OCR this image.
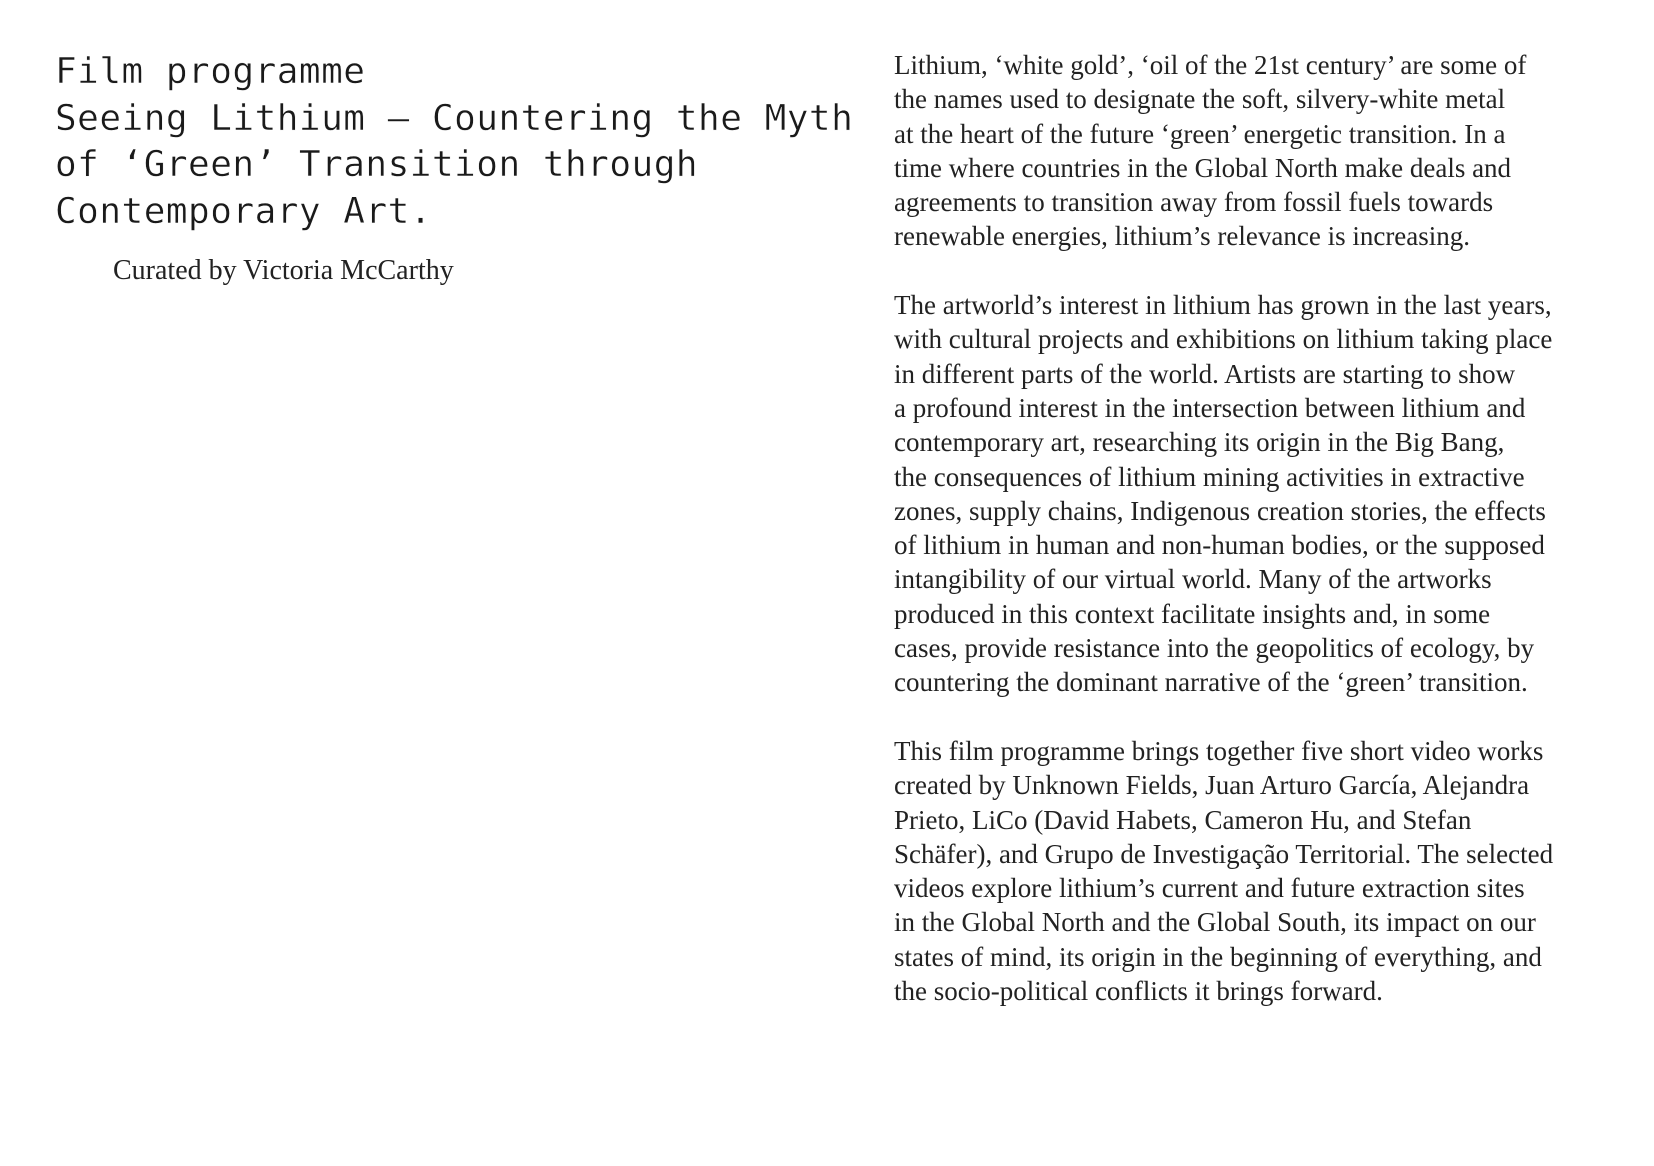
Film programme
Seeing Lithium – Countering the Myth
of ‘Green’ Transition through
Contemporary Art.
Curated by Victoria McCarthy

Lithium, ‘white gold’, ‘oil of the 21st century’ are some of
the names used to designate the soft, silvery-white metal
at the heart of the future ‘green’ energetic transition. In a
time where countries in the Global North make deals and
agreements to transition away from fossil fuels towards
renewable energies, lithium’s relevance is increasing.

The artworld’s interest in lithium has grown in the last years,
with cultural projects and exhibitions on lithium taking place
in different parts of the world. Artists are starting to show
a profound interest in the intersection between lithium and
contemporary art, researching its origin in the Big Bang,
the consequences of lithium mining activities in extractive
zones, supply chains, Indigenous creation stories, the effects
of lithium in human and non-human bodies, or the supposed
intangibility of our virtual world. Many of the artworks
produced in this context facilitate insights and, in some
cases, provide resistance into the geopolitics of ecology, by
countering the dominant narrative of the ‘green’ transition.

This film programme brings together five short video works
created by Unknown Fields, Juan Arturo García, Alejandra
Prieto, LiCo (David Habets, Cameron Hu, and Stefan
Schäfer), and Grupo de Investigação Territorial. The selected
videos explore lithium’s current and future extraction sites
in the Global North and the Global South, its impact on our
states of mind, its origin in the beginning of everything, and
the socio-political conflicts it brings forward.
